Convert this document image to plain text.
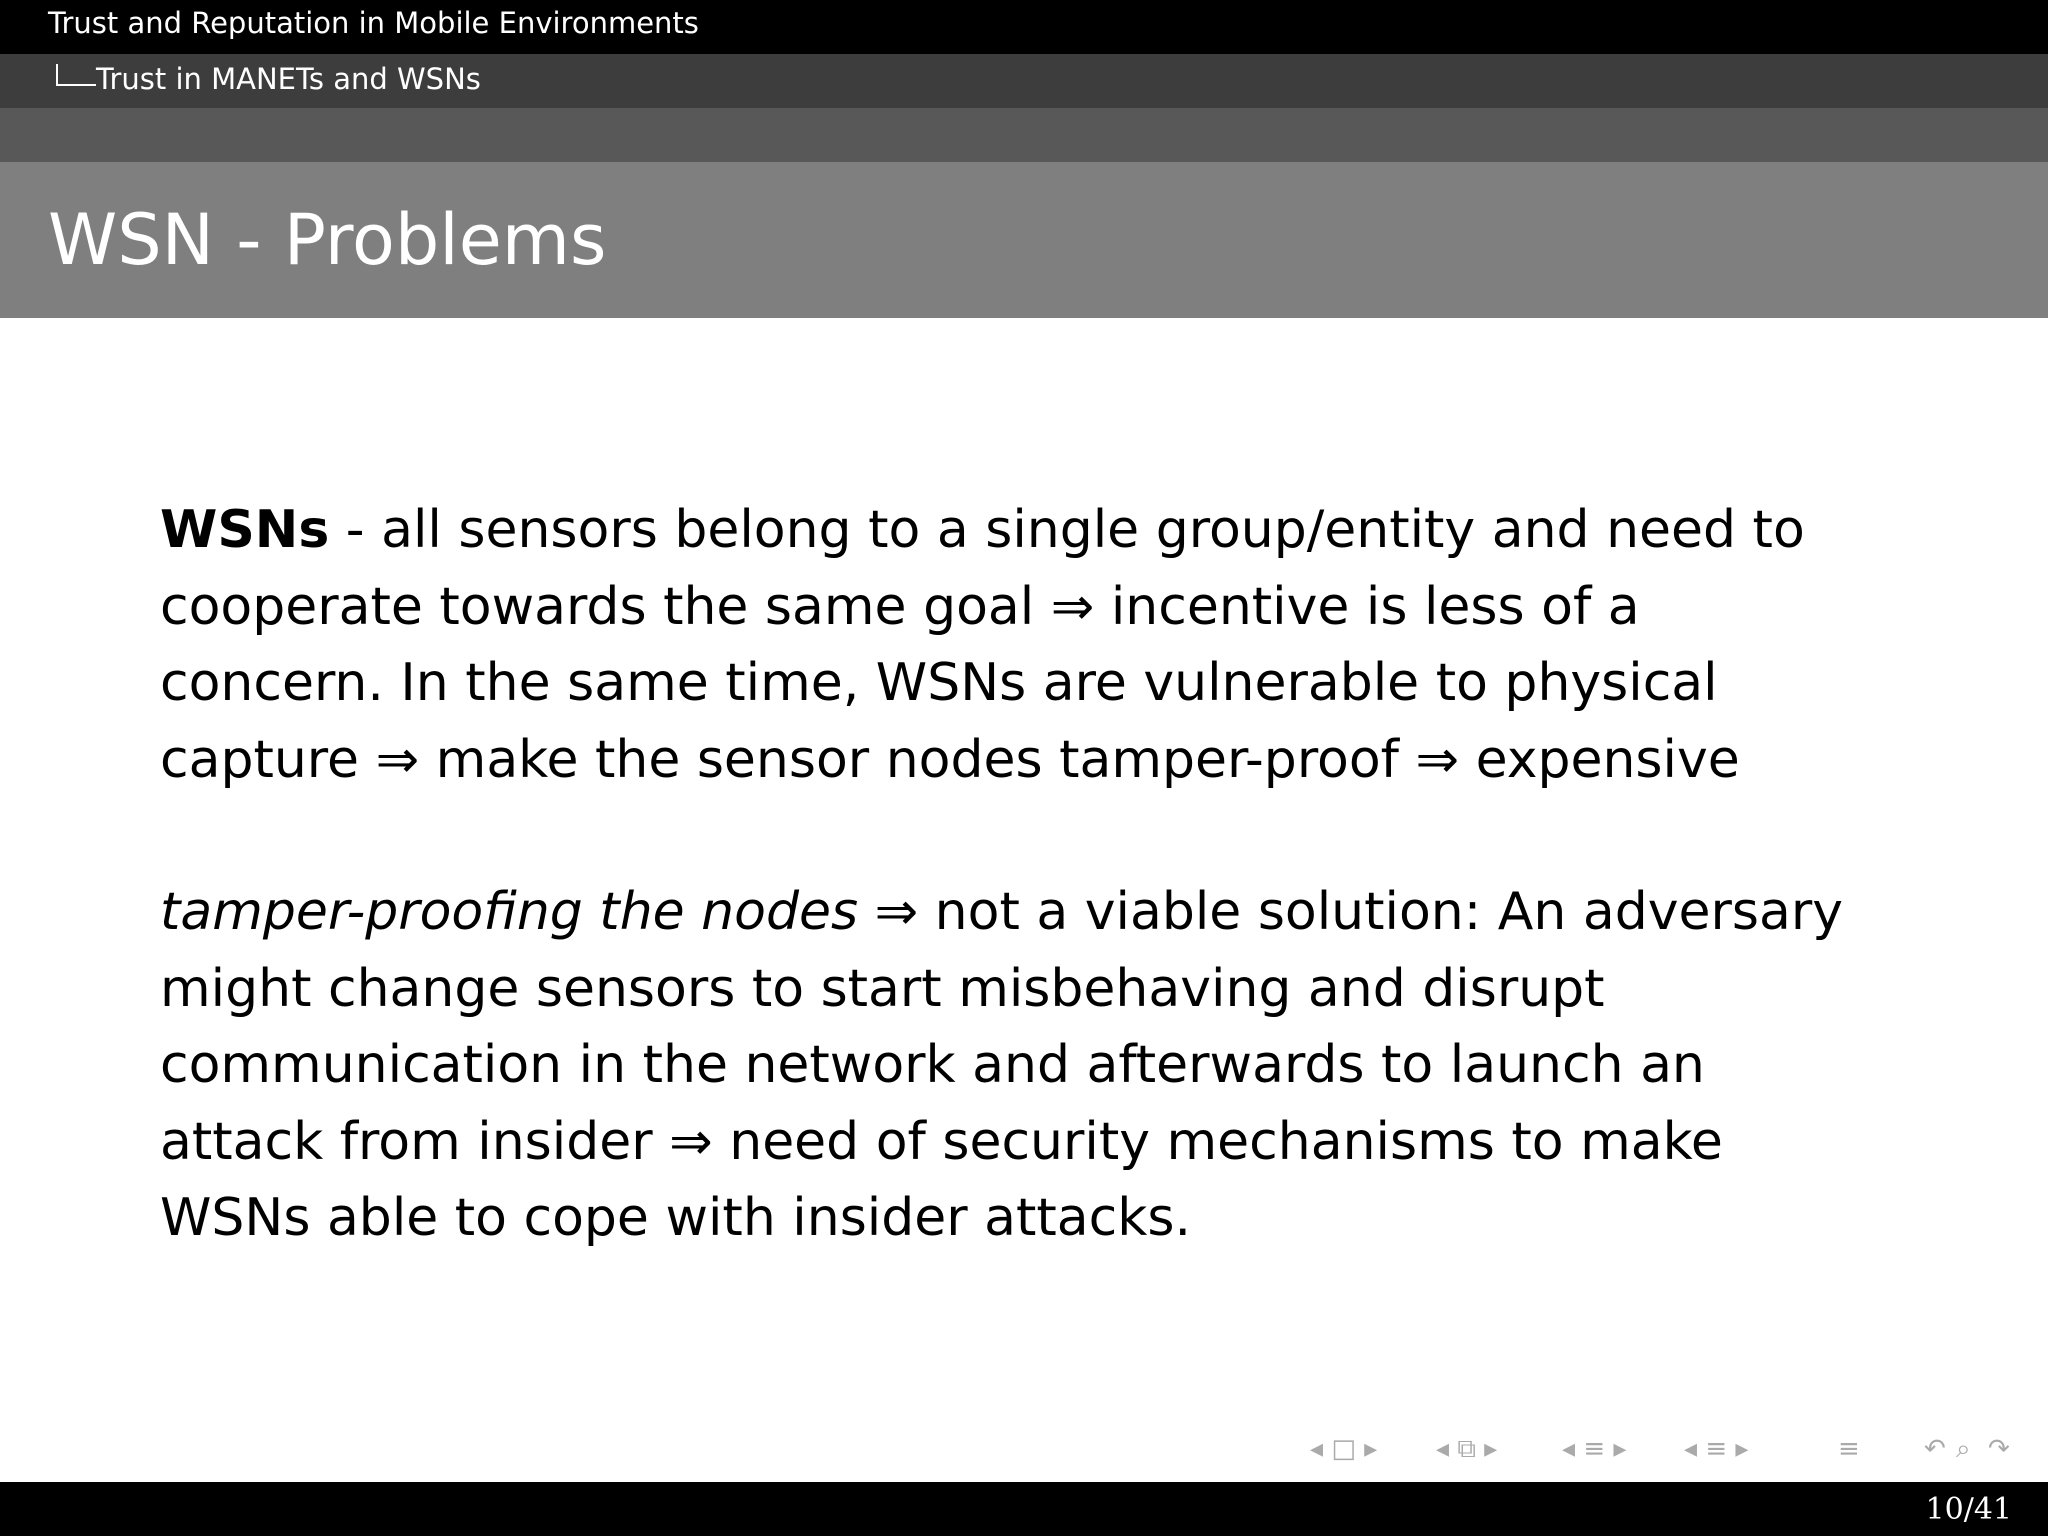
Trust and Reputation in Mobile Environments
Trust in MANETs and WSNs
WSN - Problems

WSNs - all sensors belong to a single group/entity and need to cooperate towards the same goal ⇒ incentive is less of a concern. In the same time, WSNs are vulnerable to physical capture ⇒ make the sensor nodes tamper-proof ⇒ expensive

tamper-proofing the nodes ⇒ not a viable solution: An adversary might change sensors to start misbehaving and disrupt communication in the network and afterwards to launch an attack from insider ⇒ need of security mechanisms to make WSNs able to cope with insider attacks.

◂ □ ▸ ◂ ⧉ ▸ ◂ ≡ ▸ ◂ ≡ ▸	≡ ↶ ⌕ ↷
10/41
